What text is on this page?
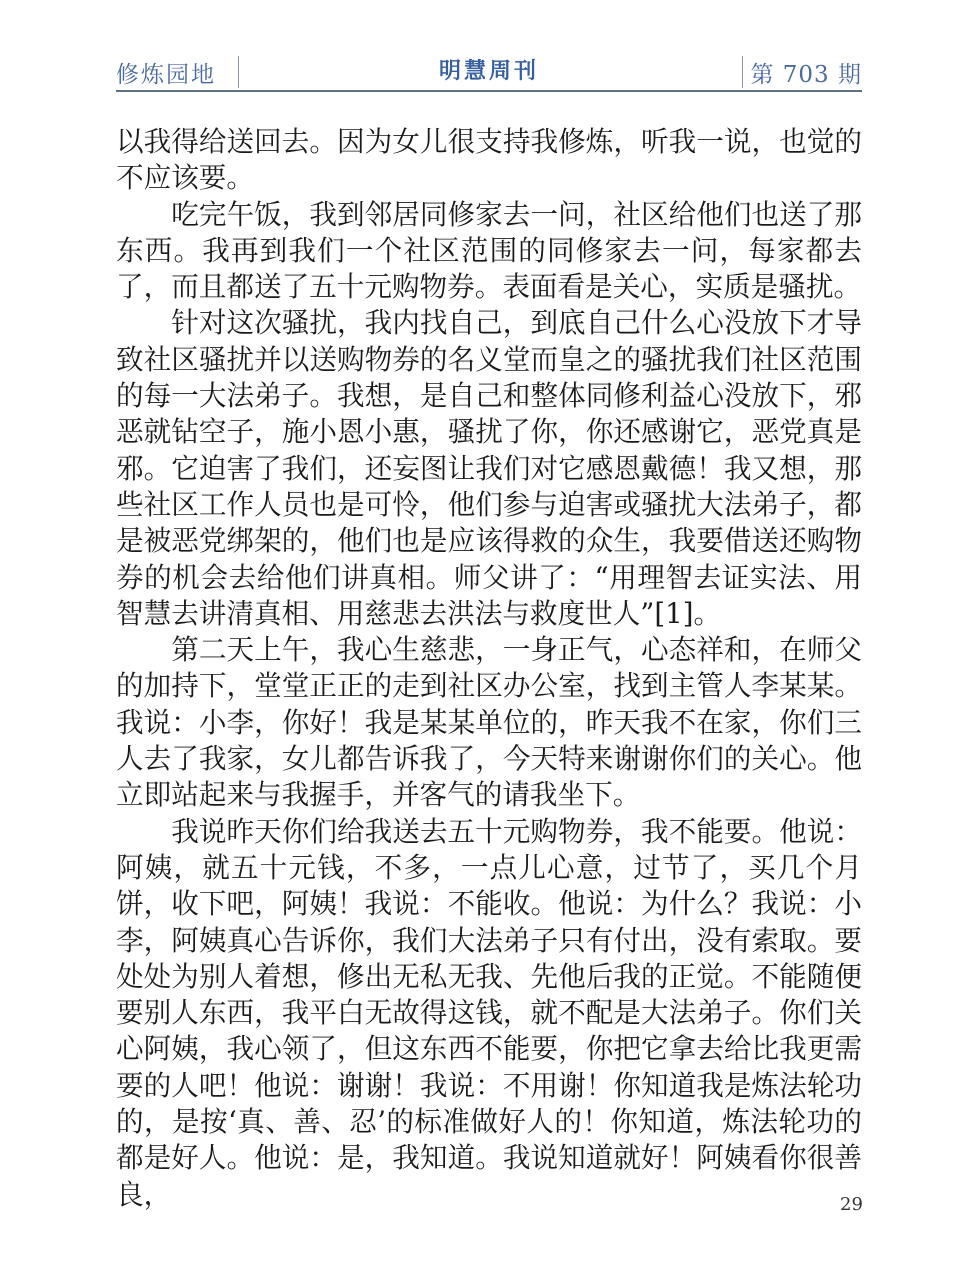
修炼园地	明慧周刊	第 703 期

以我得给送回去。因为女儿很支持我修炼，听我一说，也觉的不应该要。

吃完午饭，我到邻居同修家去一问，社区给他们也送了那东西。我再到我们一个社区范围的同修家去一问，每家都去了，而且都送了五十元购物券。表面看是关心，实质是骚扰。

针对这次骚扰，我内找自己，到底自己什么心没放下才导致社区骚扰并以送购物券的名义堂而皇之的骚扰我们社区范围的每一大法弟子。我想，是自己和整体同修利益心没放下，邪恶就钻空子，施小恩小惠，骚扰了你，你还感谢它，恶党真是邪。它迫害了我们，还妄图让我们对它感恩戴德！我又想，那些社区工作人员也是可怜，他们参与迫害或骚扰大法弟子，都是被恶党绑架的，他们也是应该得救的众生，我要借送还购物券的机会去给他们讲真相。师父讲了：“用理智去证实法、用智慧去讲清真相、用慈悲去洪法与救度世人”[1]。

第二天上午，我心生慈悲，一身正气，心态祥和，在师父的加持下，堂堂正正的走到社区办公室，找到主管人李某某。我说：小李，你好！我是某某单位的，昨天我不在家，你们三人去了我家，女儿都告诉我了，今天特来谢谢你们的关心。他立即站起来与我握手，并客气的请我坐下。

我说昨天你们给我送去五十元购物券，我不能要。他说：阿姨，就五十元钱，不多，一点儿心意，过节了，买几个月饼，收下吧，阿姨！我说：不能收。他说：为什么？我说：小李，阿姨真心告诉你，我们大法弟子只有付出，没有索取。要处处为别人着想，修出无私无我、先他后我的正觉。不能随便要别人东西，我平白无故得这钱，就不配是大法弟子。你们关心阿姨，我心领了，但这东西不能要，你把它拿去给比我更需要的人吧！他说：谢谢！我说：不用谢！你知道我是炼法轮功的，是按‘真、善、忍’的标准做好人的！你知道，炼法轮功的都是好人。他说：是，我知道。我说知道就好！阿姨看你很善良，	29
